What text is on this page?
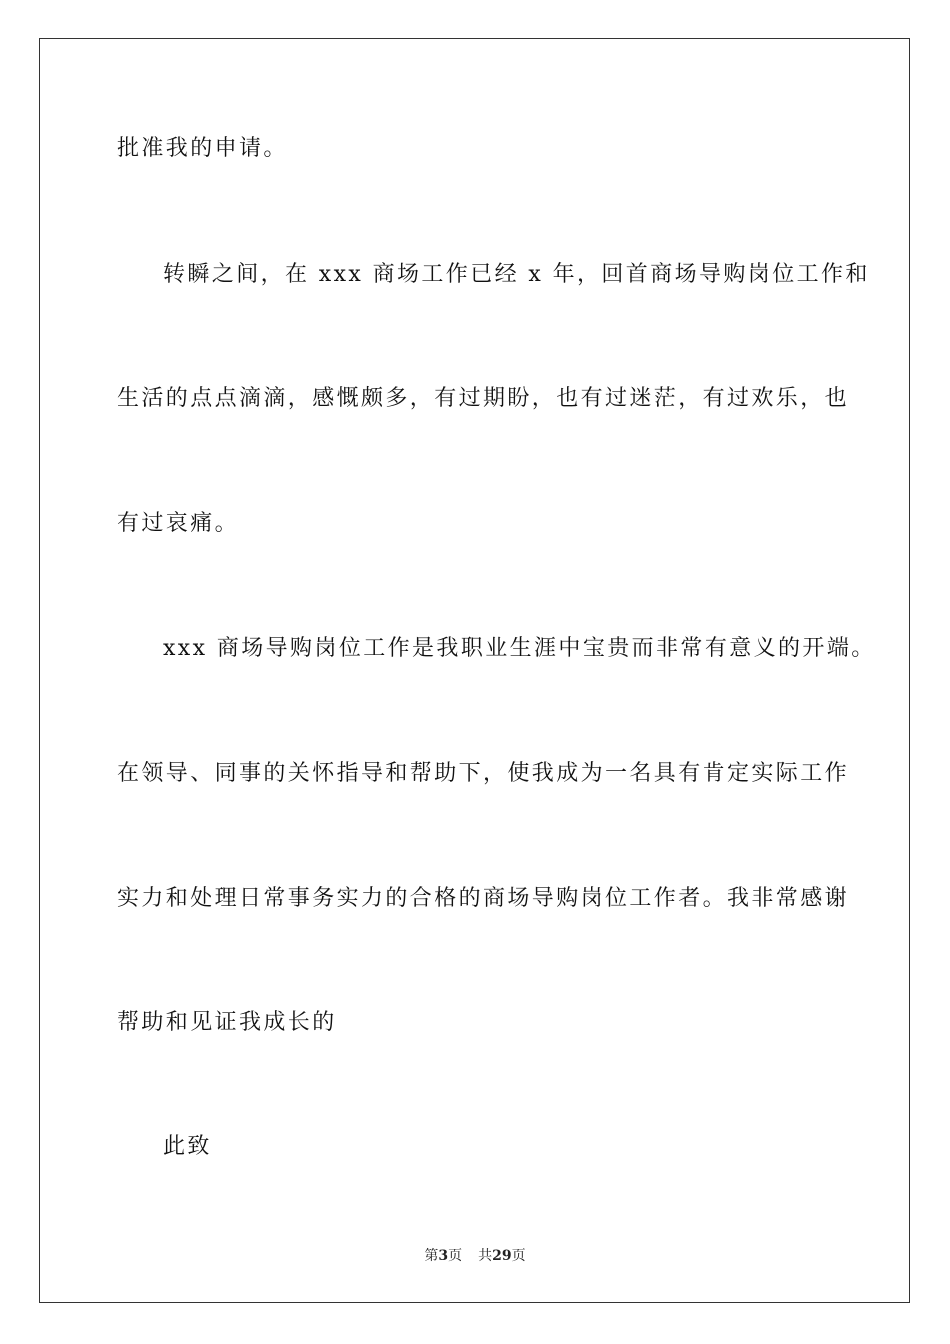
批准我的申请。
转瞬之间，在 xxx 商场工作已经 x 年，回首商场导购岗位工作和
生活的点点滴滴，感慨颇多，有过期盼，也有过迷茫，有过欢乐，也
有过哀痛。
xxx 商场导购岗位工作是我职业生涯中宝贵而非常有意义的开端。
在领导、同事的关怀指导和帮助下，使我成为一名具有肯定实际工作
实力和处理日常事务实力的合格的商场导购岗位工作者。我非常感谢
帮助和见证我成长的
此致
第3页 共29页
